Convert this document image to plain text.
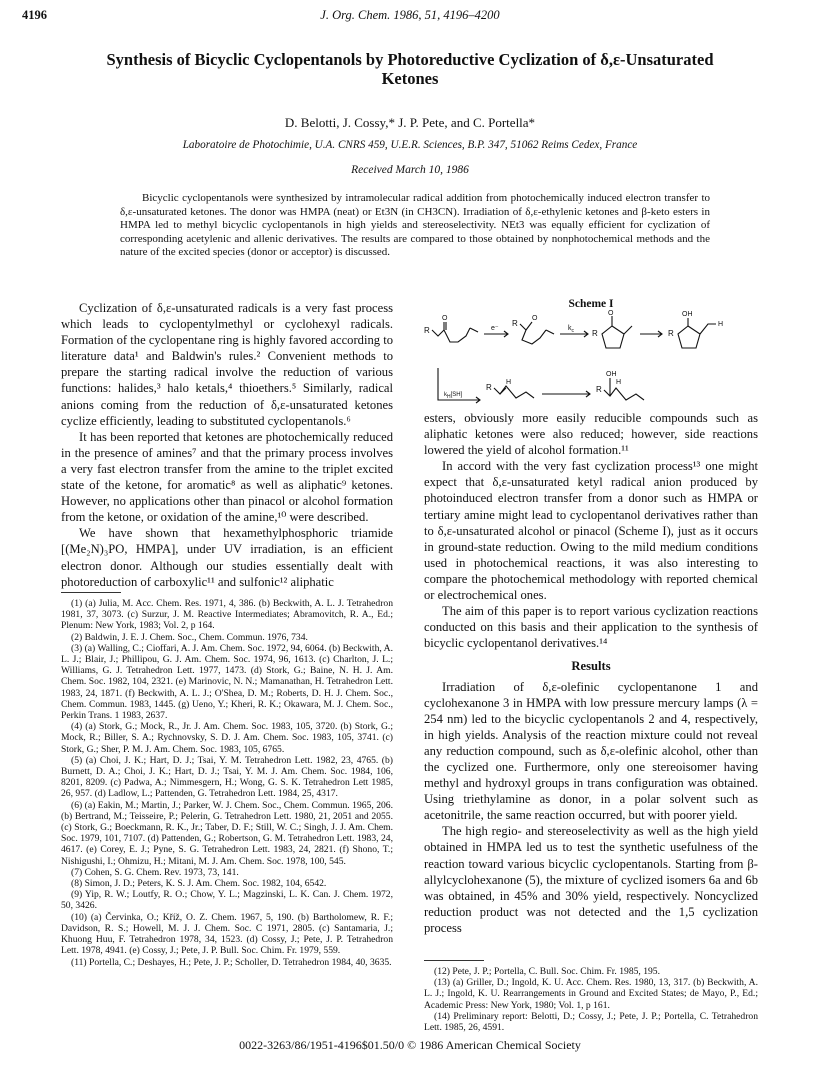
4196	J. Org. Chem. 1986, 51, 4196–4200
Synthesis of Bicyclic Cyclopentanols by Photoreductive Cyclization of δ,ε-Unsaturated Ketones
D. Belotti, J. Cossy,* J. P. Pete, and C. Portella*
Laboratoire de Photochimie, U.A. CNRS 459, U.E.R. Sciences, B.P. 347, 51062 Reims Cedex, France
Received March 10, 1986
Bicyclic cyclopentanols were synthesized by intramolecular radical addition from photochemically induced electron transfer to δ,ε-unsaturated ketones. The donor was HMPA (neat) or Et3N (in CH3CN). Irradiation of δ,ε-ethylenic ketones and β-keto esters in HMPA led to methyl bicyclic cyclopentanols in high yields and stereoselectivity. NEt3 was equally efficient for cyclization of corresponding acetylenic and allenic derivatives. The results are compared to those obtained by nonphotochemical methods and the nature of the excited species (donor or acceptor) is discussed.

Cyclization of δ,ε-unsaturated radicals is a very fast process which leads to cyclopentylmethyl or cyclohexyl radicals. Formation of the cyclopentane ring is highly favored according to literature data¹ and Baldwin's rules.² Convenient methods to prepare the starting radical involve the reduction of various functions: halides,³ halo ketals,⁴ thioethers.⁵ Similarly, radical anions coming from the reduction of δ,ε-unsaturated ketones cyclize efficiently, leading to substituted cyclopentanols.⁶

It has been reported that ketones are photochemically reduced in the presence of amines⁷ and that the primary process involves a very fast electron transfer from the amine to the triplet excited state of the ketone, for aromatic⁸ as well as aliphatic⁹ ketones. However, no applications other than pinacol or alcohol formation from the ketone, or oxidation of the amine,¹⁰ were described.

We have shown that hexamethylphosphoric triamide [(Me₂N)₃PO, HMPA], under UV irradiation, is an efficient electron donor. Although our studies essentially dealt with photoreduction of carboxylic¹¹ and sulfonic¹² aliphatic

(1) (a) Julia, M. Acc. Chem. Res. 1971, 4, 386. (b) Beckwith, A. L. J. Tetrahedron 1981, 37, 3073. (c) Surzur, J. M. Reactive Intermediates; Abramovitch, R. A., Ed.; Plenum: New York, 1983; Vol. 2, p 164.

(2) Baldwin, J. E. J. Chem. Soc., Chem. Commun. 1976, 734.

(3) (a) Walling, C.; Cioffari, A. J. Am. Chem. Soc. 1972, 94, 6064. (b) Beckwith, A. L. J.; Blair, J.; Phillipou, G. J. Am. Chem. Soc. 1974, 96, 1613. (c) Charlton, J. L.; Williams, G. J. Tetrahedron Lett. 1977, 1473. (d) Stork, G.; Baine, N. H. J. Am. Chem. Soc. 1982, 104, 2321. (e) Marinovic, N. N.; Mamanathan, H. Tetrahedron Lett. 1983, 24, 1871. (f) Beckwith, A. L. J.; O'Shea, D. M.; Roberts, D. H. J. Chem. Soc., Chem. Commun. 1983, 1445. (g) Ueno, Y.; Kheri, R. K.; Okawara, M. J. Chem. Soc., Perkin Trans. 1 1983, 2637.

(4) (a) Stork, G.; Mock, R., Jr. J. Am. Chem. Soc. 1983, 105, 3720. (b) Stork, G.; Mock, R.; Biller, S. A.; Rychnovsky, S. D. J. Am. Chem. Soc. 1983, 105, 3741. (c) Stork, G.; Sher, P. M. J. Am. Chem. Soc. 1983, 105, 6765.

(5) (a) Choi, J. K.; Hart, D. J.; Tsai, Y. M. Tetrahedron Lett. 1982, 23, 4765. (b) Burnett, D. A.; Choi, J. K.; Hart, D. J.; Tsai, Y. M. J. Am. Chem. Soc. 1984, 106, 8201, 8209. (c) Padwa, A.; Nimmesgern, H.; Wong, G. S. K. Tetrahedron Lett 1985, 26, 957. (d) Ladlow, L.; Pattenden, G. Tetrahedron Lett. 1984, 25, 4317.

(6) (a) Eakin, M.; Martin, J.; Parker, W. J. Chem. Soc., Chem. Commun. 1965, 206. (b) Bertrand, M.; Teisseire, P.; Pelerin, G. Tetrahedron Lett. 1980, 21, 2051 and 2055. (c) Stork, G.; Boeckmann, R. K., Jr.; Taber, D. F.; Still, W. C.; Singh, J. J. Am. Chem. Soc. 1979, 101, 7107. (d) Pattenden, G.; Robertson, G. M. Tetrahedron Lett. 1983, 24, 4617. (e) Corey, E. J.; Pyne, S. G. Tetrahedron Lett. 1983, 24, 2821. (f) Shono, T.; Nishigushi, I.; Ohmizu, H.; Mitani, M. J. Am. Chem. Soc. 1978, 100, 545.

(7) Cohen, S. G. Chem. Rev. 1973, 73, 141.

(8) Simon, J. D.; Peters, K. S. J. Am. Chem. Soc. 1982, 104, 6542.

(9) Yip, R. W.; Loutfy, R. O.; Chow, Y. L.; Magzinski, L. K. Can. J. Chem. 1972, 50, 3426.

(10) (a) Červinka, O.; Kříž, O. Z. Chem. 1967, 5, 190. (b) Bartholomew, R. F.; Davidson, R. S.; Howell, M. J. J. Chem. Soc. C 1971, 2805. (c) Santamaria, J.; Khuong Huu, F. Tetrahedron 1978, 34, 1523. (d) Cossy, J.; Pete, J. P. Tetrahedron Lett. 1978, 4941. (e) Cossy, J.; Pete, J. P. Bull. Soc. Chim. Fr. 1979, 559.

(11) Portella, C.; Deshayes, H.; Pete, J. P.; Scholler, D. Tetrahedron 1984, 40, 3635.

Scheme I
R
O
e⁻
R
O
$k_c$ R
O
R
OH
H
$k_H[SH]$
R
H
R
OH
H

esters, obviously more easily reducible compounds such as aliphatic ketones were also reduced; however, side reactions lowered the yield of alcohol formation.¹¹

In accord with the very fast cyclization process¹³ one might expect that δ,ε-unsaturated ketyl radical anion produced by photoinduced electron transfer from a donor such as HMPA or tertiary amine might lead to cyclopentanol derivatives rather than to δ,ε-unsaturated alcohol or pinacol (Scheme I), just as it occurs in ground-state reduction. Owing to the mild medium conditions used in photochemical reactions, it was also interesting to compare the photochemical methodology with reported chemical or electrochemical ones.

The aim of this paper is to report various cyclization reactions conducted on this basis and their application to the synthesis of bicyclic cyclopentanol derivatives.¹⁴

Results

Irradiation of δ,ε-olefinic cyclopentanone 1 and cyclohexanone 3 in HMPA with low pressure mercury lamps (λ = 254 nm) led to the bicyclic cyclopentanols 2 and 4, respectively, in high yields. Analysis of the reaction mixture could not reveal any reduction compound, such as δ,ε-olefinic alcohol, other than the cyclized one. Furthermore, only one stereoisomer having methyl and hydroxyl groups in trans configuration was obtained. Using triethylamine as donor, in a polar solvent such as acetonitrile, the same reaction occurred, but with poorer yield.

The high regio- and stereoselectivity as well as the high yield obtained in HMPA led us to test the synthetic usefulness of the reaction toward various bicyclic cyclopentanols. Starting from β-allylcyclohexanone (5), the mixture of cyclized isomers 6a and 6b was obtained, in 45% and 30% yield, respectively. Noncyclized reduction product was not detected and the 1,5 cyclization process

(12) Pete, J. P.; Portella, C. Bull. Soc. Chim. Fr. 1985, 195.

(13) (a) Griller, D.; Ingold, K. U. Acc. Chem. Res. 1980, 13, 317. (b) Beckwith, A. L. J.; Ingold, K. U. Rearrangements in Ground and Excited States; de Mayo, P., Ed.; Academic Press: New York, 1980; Vol. 1, p 161.

(14) Preliminary report: Belotti, D.; Cossy, J.; Pete, J. P.; Portella, C. Tetrahedron Lett. 1985, 26, 4591.

0022-3263/86/1951-4196$01.50/0 © 1986 American Chemical Society
